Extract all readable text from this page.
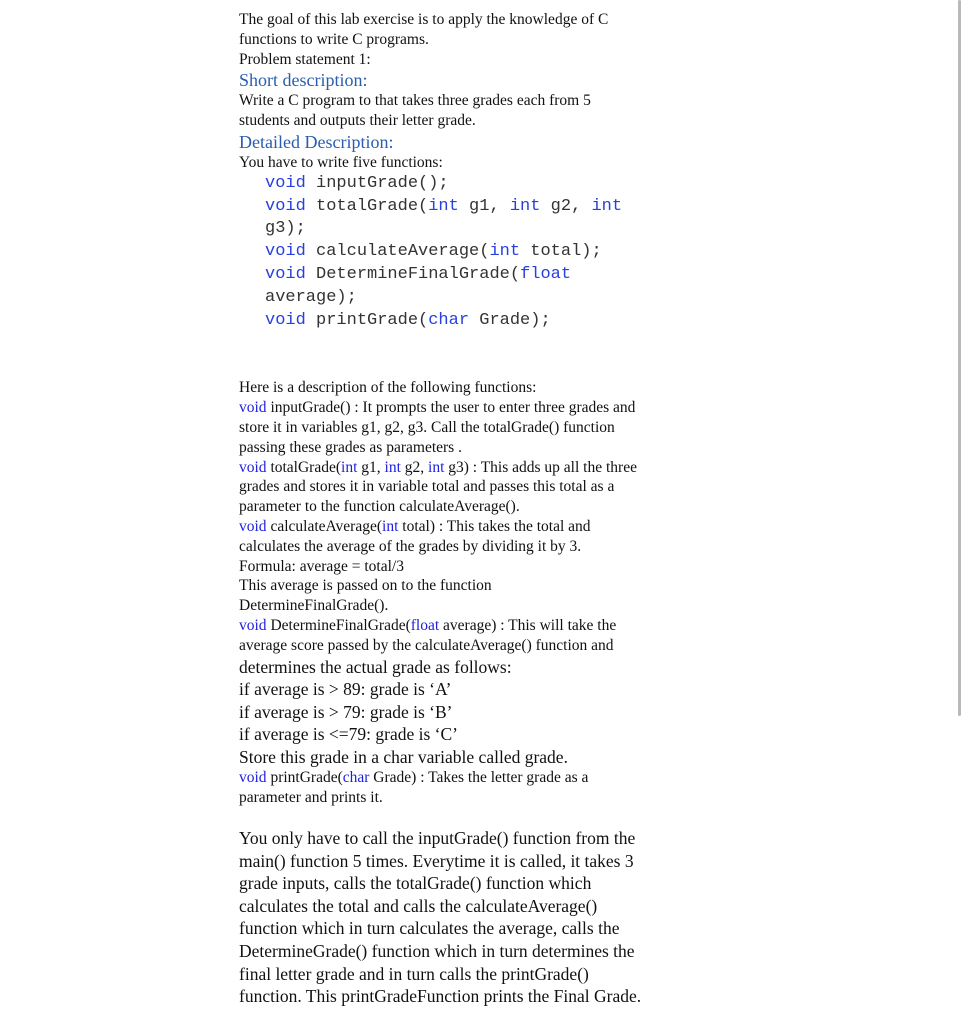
The goal of this lab exercise is to apply the knowledge of C
functions to write C programs.
Problem statement 1:
Short description:
Write a C program to that takes three grades each from 5
students and outputs their letter grade.
Detailed Description:
You have to write five functions:
void inputGrade();
void totalGrade(int g1, int g2, int
g3);
void calculateAverage(int total);
void DetermineFinalGrade(float
average);
void printGrade(char Grade);
Here is a description of the following functions:
void inputGrade() : It prompts the user to enter three grades and
store it in variables g1, g2, g3. Call the totalGrade() function
passing these grades as parameters .
void totalGrade(int g1, int g2, int g3) : This adds up all the three
grades and stores it in variable total and passes this total as a
parameter to the function calculateAverage().
void calculateAverage(int total) : This takes the total and
calculates the average of the grades by dividing it by 3.
Formula: average = total/3
This average is passed on to the function
DetermineFinalGrade().
void DetermineFinalGrade(float average) : This will take the
average score passed by the calculateAverage() function and
determines the actual grade as follows:
if average is > 89: grade is ‘A’
if average is > 79: grade is ‘B’
if average is <=79: grade is ‘C’
Store this grade in a char variable called grade.
void printGrade(char Grade) : Takes the letter grade as a
parameter and prints it.
You only have to call the inputGrade() function from the
main() function 5 times. Everytime it is called, it takes 3
grade inputs, calls the totalGrade() function which
calculates the total and calls the calculateAverage()
function which in turn calculates the average, calls the
DetermineGrade() function which in turn determines the
final letter grade and in turn calls the printGrade()
function. This printGradeFunction prints the Final Grade.
